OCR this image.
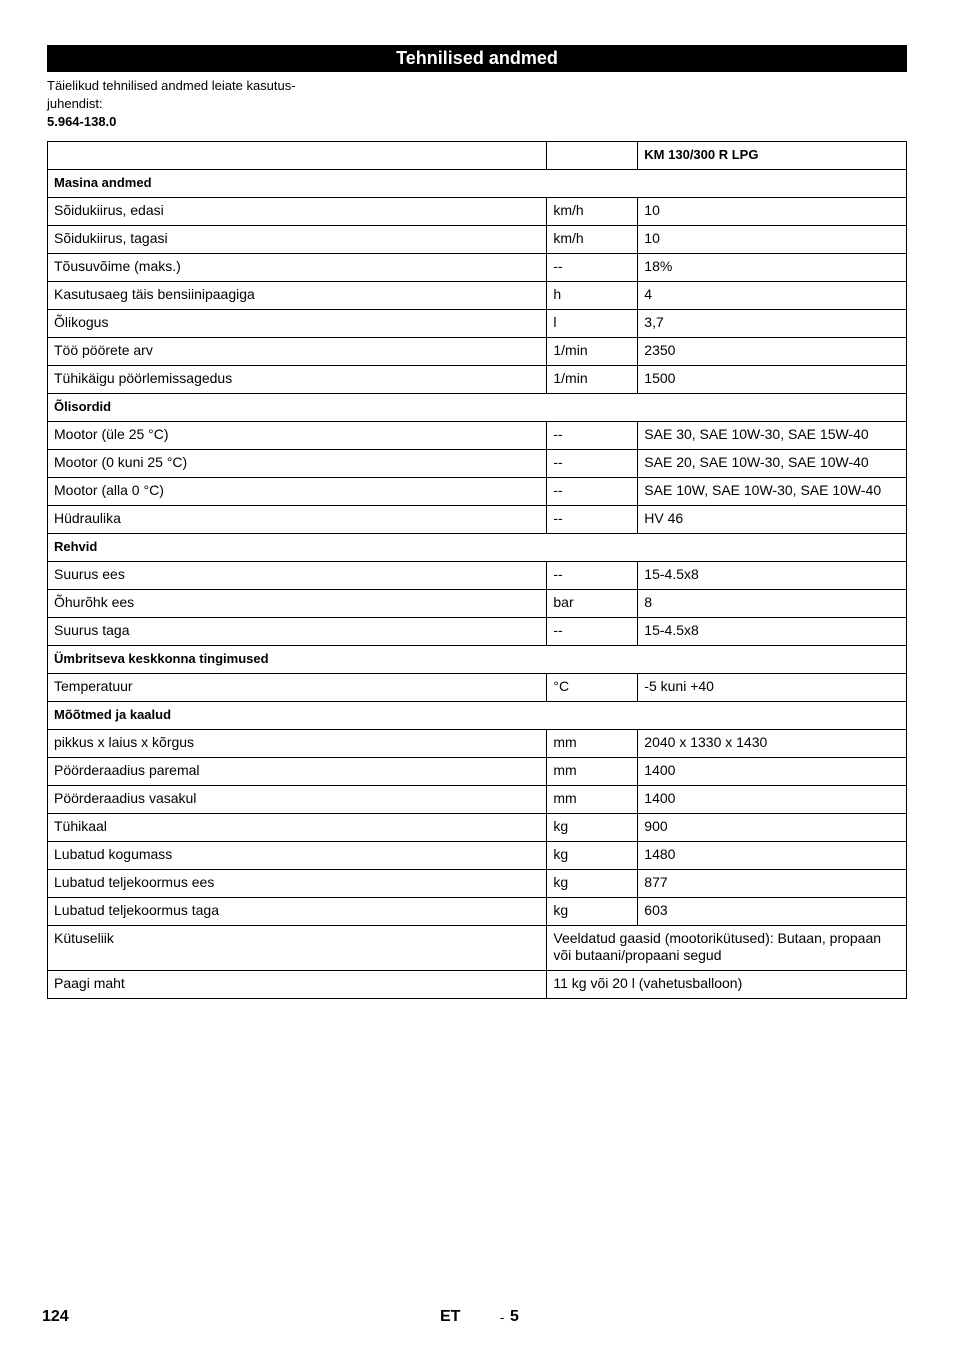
Tehnilised andmed
Täielikud tehnilised andmed leiate kasutus-
juhendist:
5.964-138.0
		KM 130/300 R LPG
Masina andmed		
Sõidukiirus, edasi	km/h	10
Sõidukiirus, tagasi	km/h	10
Tõusuvõime (maks.)	--	18%
Kasutusaeg täis bensiinipaagiga	h	4
Õlikogus	l	3,7
Töö pöörete arv	1/min	2350
Tühikäigu pöörlemissagedus	1/min	1500
Õlisordid		
Mootor (üle 25 °C)	--	SAE 30, SAE 10W-30, SAE 15W-40
Mootor (0 kuni 25 °C)	--	SAE 20, SAE 10W-30, SAE 10W-40
Mootor (alla 0 °C)	--	SAE 10W, SAE 10W-30, SAE 10W-40
Hüdraulika	--	HV 46
Rehvid		
Suurus ees	--	15-4.5x8
Õhurõhk ees	bar	8
Suurus taga	--	15-4.5x8
Ümbritseva keskkonna tingimused		
Temperatuur	°C	-5 kuni +40
Mõõtmed ja kaalud		
pikkus x laius x kõrgus	mm	2040 x 1330 x 1430
Pöörderaadius paremal	mm	1400
Pöörderaadius vasakul	mm	1400
Tühikaal	kg	900
Lubatud kogumass	kg	1480
Lubatud teljekoormus ees	kg	877
Lubatud teljekoormus taga	kg	603
Kütuseliik	Veeldatud gaasid (mootorikütused): Butaan, propaan või butaani/propaani segud	
Paagi maht	11 kg või 20 l (vahetusballoon)	
124	ET	- 5
